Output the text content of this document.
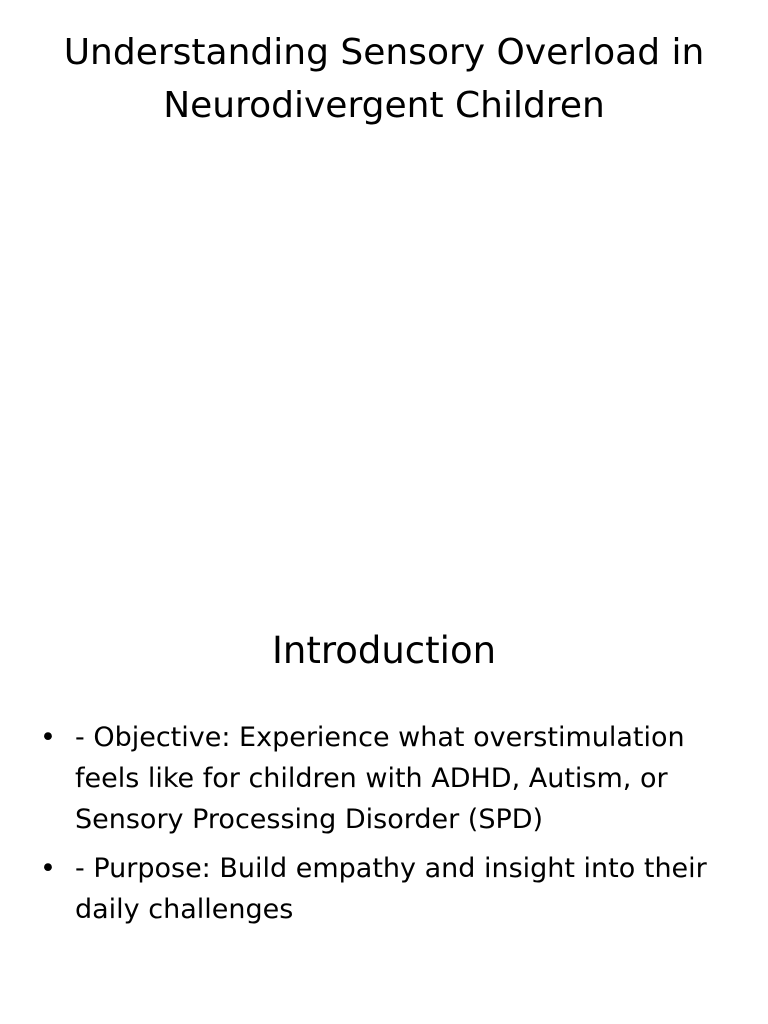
Understanding Sensory Overload in Neurodivergent Children
Introduction
• - Objective: Experience what overstimulation feels like for children with ADHD, Autism, or Sensory Processing Disorder (SPD)
• - Purpose: Build empathy and insight into their daily challenges
